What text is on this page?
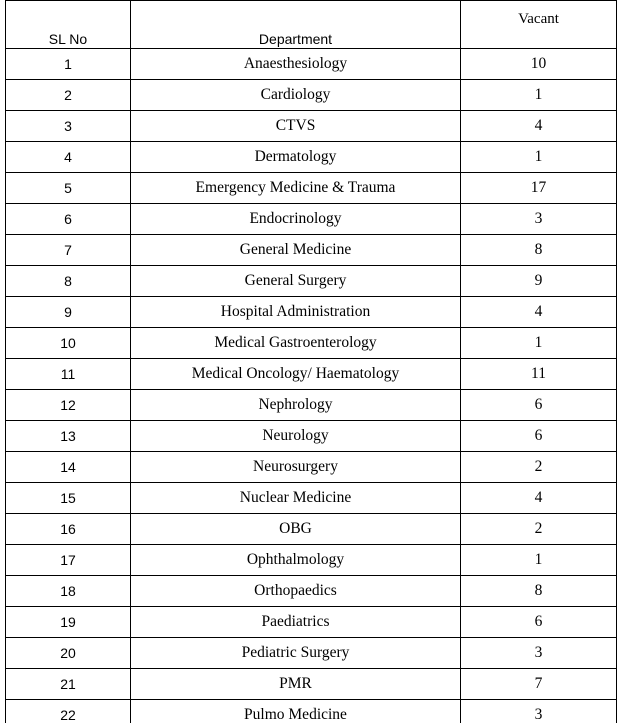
SL No	Department	Vacant
1	Anaesthesiology	10
2	Cardiology	1
3	CTVS	4
4	Dermatology	1
5	Emergency Medicine & Trauma	17
6	Endocrinology	3
7	General Medicine	8
8	General Surgery	9
9	Hospital Administration	4
10	Medical Gastroenterology	1
11	Medical Oncology/ Haematology	11
12	Nephrology	6
13	Neurology	6
14	Neurosurgery	2
15	Nuclear Medicine	4
16	OBG	2
17	Ophthalmology	1
18	Orthopaedics	8
19	Paediatrics	6
20	Pediatric Surgery	3
21	PMR	7
22	Pulmo Medicine	3
